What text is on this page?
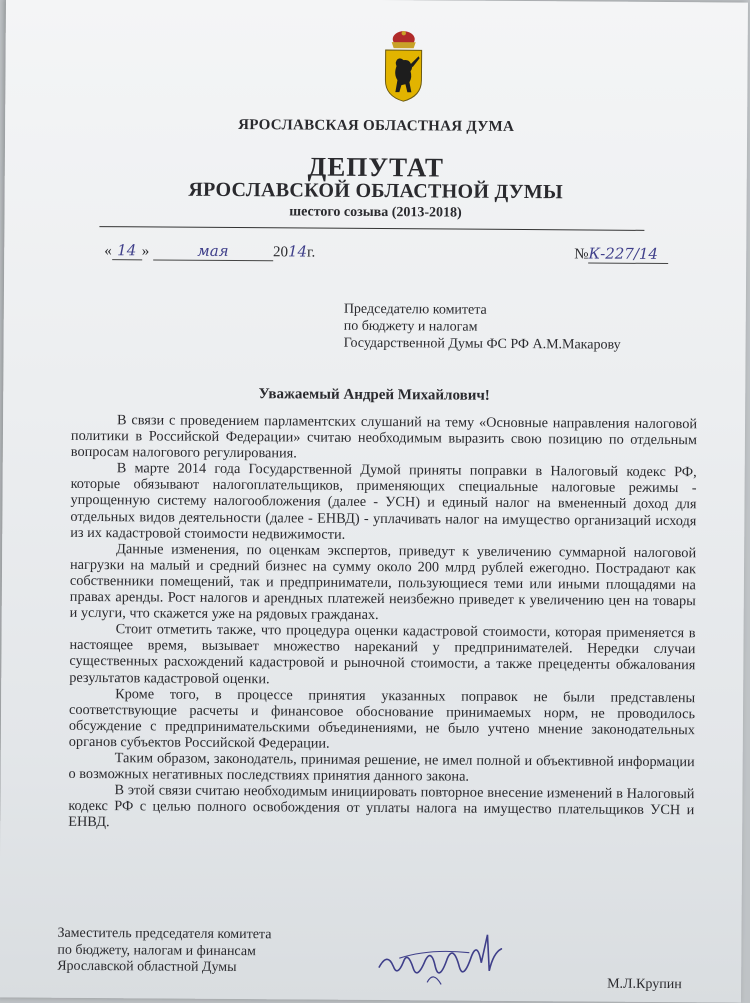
ЯРОСЛАВСКАЯ ОБЛАСТНАЯ ДУМА
ДЕПУТАТ
ЯРОСЛАВСКОЙ ОБЛАСТНОЙ ДУМЫ
шестого созыва (2013-2018)
« 14 »	мая	2014г.	№К-227/14
Председателю комитета
по бюджету и налогам
Государственной Думы ФС РФ А.М.Макарову
Уважаемый Андрей Михайлович!

В связи с проведением парламентских слушаний на тему «Основные направления налоговой политики в Российской Федерации» считаю необходимым выразить свою позицию по отдельным вопросам налогового регулирования.

В марте 2014 года Государственной Думой приняты поправки в Налоговый кодекс РФ, которые обязывают налогоплательщиков, применяющих специальные налоговые режимы - упрощенную систему налогообложения (далее - УСН) и единый налог на вмененный доход для отдельных видов деятельности (далее - ЕНВД) - уплачивать налог на имущество организаций исходя из их кадастровой стоимости недвижимости.

Данные изменения, по оценкам экспертов, приведут к увеличению суммарной налоговой нагрузки на малый и средний бизнес на сумму около 200 млрд рублей ежегодно. Пострадают как собственники помещений, так и предприниматели, пользующиеся теми или иными площадями на правах аренды. Рост налогов и арендных платежей неизбежно приведет к увеличению цен на товары и услуги, что скажется уже на рядовых гражданах.

Стоит отметить также, что процедура оценки кадастровой стоимости, которая применяется в настоящее время, вызывает множество нареканий у предпринимателей. Нередки случаи существенных расхождений кадастровой и рыночной стоимости, а также прецеденты обжалования результатов кадастровой оценки.

Кроме того, в процессе принятия указанных поправок не были представлены соответствующие расчеты и финансовое обоснование принимаемых норм, не проводилось обсуждение с предпринимательскими объединениями, не было учтено мнение законодательных органов субъектов Российской Федерации.

Таким образом, законодатель, принимая решение, не имел полной и объективной информации о возможных негативных последствиях принятия данного закона.

В этой связи считаю необходимым инициировать повторное внесение изменений в Налоговый кодекс РФ с целью полного освобождения от уплаты налога на имущество плательщиков УСН и ЕНВД.

Заместитель председателя комитета
по бюджету, налогам и финансам
Ярославской областной Думы
М.Л.Крупин
